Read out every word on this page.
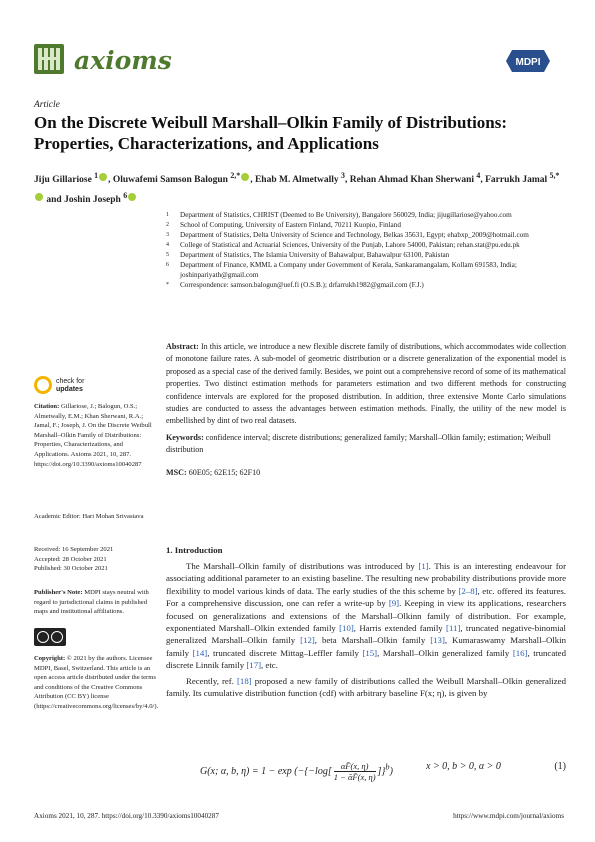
axioms	MDPI
Article
On the Discrete Weibull Marshall–Olkin Family of Distributions: Properties, Characterizations, and Applications
Jiju Gillariose $^1$ , Oluwafemi Samson Balogun $^{2,*}$ , Ehab M. Almetwally $^3$, Rehan Ahmad Khan Sherwani $^4$, Farrukh Jamal $^{5,*}$ and Joshin Joseph $^6$
1 Department of Statistics, CHRIST (Deemed to Be University), Bangalore 560029, India; jijugillariose@yahoo.com
2 School of Computing, University of Eastern Finland, 70211 Kuopio, Finland
3 Department of Statistics, Delta University of Science and Technology, Belkas 35631, Egypt; ehabxp_2009@hotmail.com
4 College of Statistical and Actuarial Sciences, University of the Punjab, Lahore 54000, Pakistan; rehan.stat@pu.edu.pk
5 Department of Statistics, The Islamia University of Bahawalpur, Bahawalpur 63100, Pakistan
6 Department of Finance, KMML a Company under Government of Kerala, Sankaramangalam, Kollam 691583, India; joshinpariyath@gmail.com
* Correspondence: samson.balogun@uef.fi (O.S.B.); drfarrukh1982@gmail.com (F.J.)
Abstract: In this article, we introduce a new flexible discrete family of distributions, which accommodates wide collection of monotone failure rates. A sub-model of geometric distribution or a discrete generalization of the exponential model is proposed as a special case of the derived family. Besides, we point out a comprehensive record of some of its mathematical properties. Two distinct estimation methods for parameters estimation and two different methods for constructing confidence intervals are explored for the proposed distribution. In addition, three extensive Monte Carlo simulations studies are conducted to assess the advantages between estimation methods. Finally, the utility of the new model is embellished by dint of two real datasets.
Keywords: confidence interval; discrete distributions; generalized family; Marshall–Olkin family; estimation; Weibull distribution
MSC: 60E05; 62E15; 62F10
check for
updates
Citation: Gillariose, J.; Balogun, O.S.; Almetwally, E.M.; Khan Sherwani, R.A.; Jamal, F.; Joseph, J. On the Discrete Weibull Marshall–Olkin Family of Distributions: Properties, Characterizations, and Applications. Axioms 2021, 10, 287. https://doi.org/10.3390/axioms10040287
Academic Editor: Hari Mohan Srivastava
Received: 16 September 2021
Accepted: 28 October 2021
Published: 30 October 2021
Publisher's Note: MDPI stays neutral with regard to jurisdictional claims in published maps and institutional affiliations.
Copyright: © 2021 by the authors. Licensee MDPI, Basel, Switzerland. This article is an open access article distributed under the terms and conditions of the Creative Commons Attribution (CC BY) license (https://creativecommons.org/licenses/by/4.0/).
1. Introduction

The Marshall–Olkin family of distributions was introduced by [1]. This is an interesting endeavour for associating additional parameter to an existing baseline. The resulting new probability distributions provide more flexibility to model various kinds of data. The early studies of the this scheme by [2–8], etc. offered its features. For a comprehensive discussion, one can refer a write-up by [9]. Keeping in view its applications, researchers focused on generalizations and extensions of the Marshall–Olkinn family of distribution. For example, exponentiated Marshall–Olkin extended family [10], Harris extended family [11], truncated negative-binomial generalized Marshall–Olkin family [12], beta Marshall–Olkin family [13], Kumaraswamy Marshall–Olkin family [14], truncated discrete Mittag–Leffler family [15], Marshall–Olkin generalized family [16], truncated discrete Linnik family [17], etc.

Recently, ref. [18] proposed a new family of distributions called the Weibull Marshall–Olkin generalized family. Its cumulative distribution function (cdf) with arbitrary baseline F(x; η), is given by

G(x; α, b, $\eta) = 1 - \exp (-\{-\log[ \frac{\alpha F̄(x, \eta)}{\text{1 − ᾱF̄(x, η)}} ]\}^b)$	x > 0, b > 0, α > 0	(1)
Axioms 2021, 10, 287. https://doi.org/10.3390/axioms10040287	https://www.mdpi.com/journal/axioms
